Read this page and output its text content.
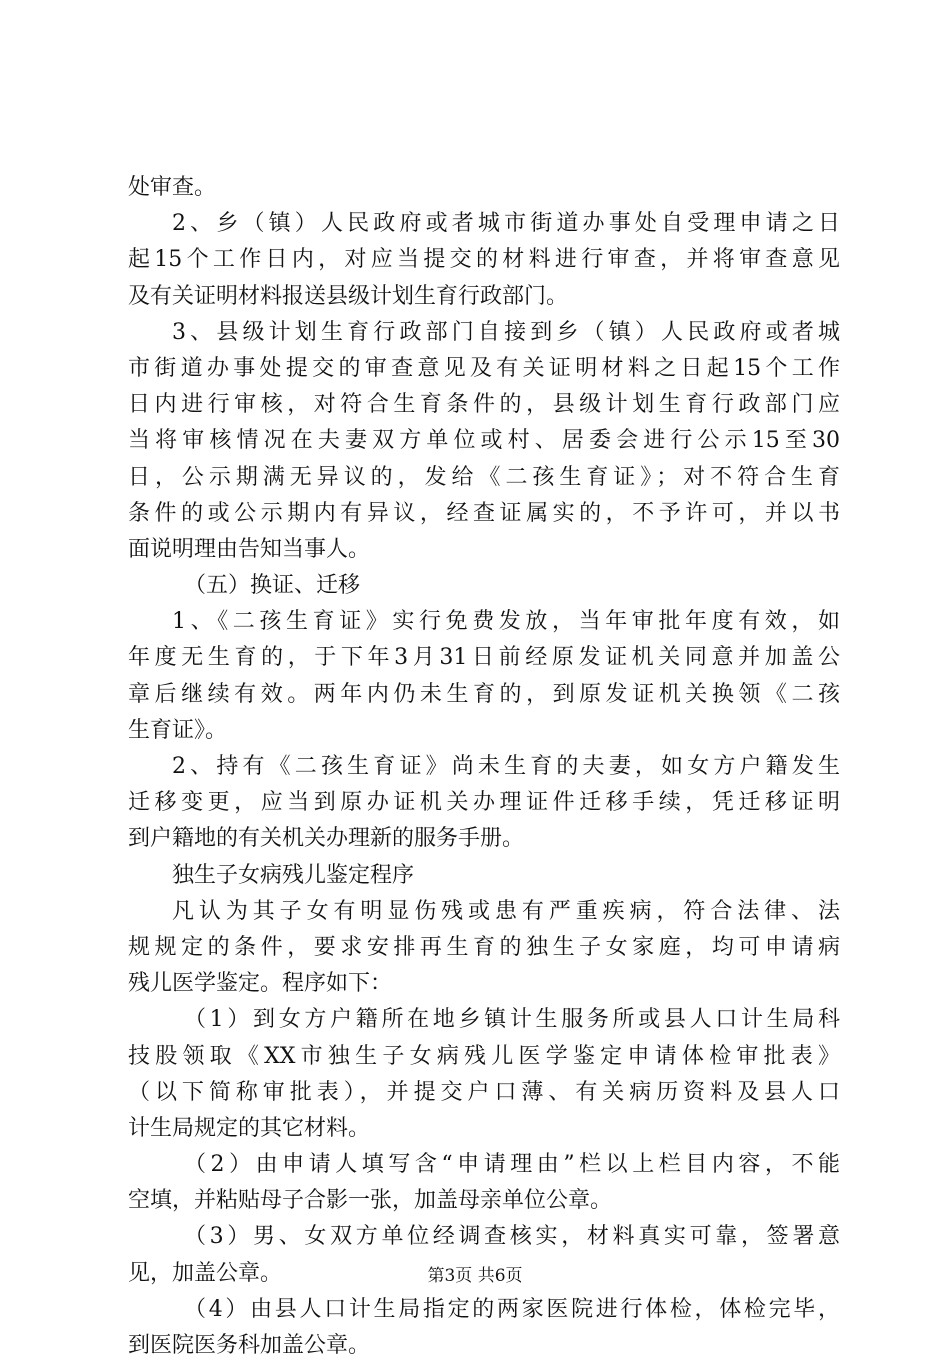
处审查。
2、乡（镇）人民政府或者城市街道办事处自受理申请之日
起15个工作日内，对应当提交的材料进行审查，并将审查意见
及有关证明材料报送县级计划生育行政部门。
3、县级计划生育行政部门自接到乡（镇）人民政府或者城
市街道办事处提交的审查意见及有关证明材料之日起15个工作
日内进行审核，对符合生育条件的，县级计划生育行政部门应
当将审核情况在夫妻双方单位或村、居委会进行公示15至30
日，公示期满无异议的，发给《二孩生育证》；对不符合生育
条件的或公示期内有异议，经查证属实的，不予许可，并以书
面说明理由告知当事人。
（五）换证、迁移
1、《二孩生育证》实行免费发放，当年审批年度有效，如
年度无生育的，于下年3月31日前经原发证机关同意并加盖公
章后继续有效。两年内仍未生育的，到原发证机关换领《二孩
生育证》。
2、持有《二孩生育证》尚未生育的夫妻，如女方户籍发生
迁移变更，应当到原办证机关办理证件迁移手续，凭迁移证明
到户籍地的有关机关办理新的服务手册。
独生子女病残儿鉴定程序
凡认为其子女有明显伤残或患有严重疾病，符合法律、法
规规定的条件，要求安排再生育的独生子女家庭，均可申请病
残儿医学鉴定。程序如下：
（1）到女方户籍所在地乡镇计生服务所或县人口计生局科
技股领取《XX市独生子女病残儿医学鉴定申请体检审批表》
（以下简称审批表），并提交户口薄、有关病历资料及县人口
计生局规定的其它材料。
（2）由申请人填写含“申请理由”栏以上栏目内容，不能
空填，并粘贴母子合影一张，加盖母亲单位公章。
（3）男、女双方单位经调查核实，材料真实可靠，签署意
见，加盖公章。
（4）由县人口计生局指定的两家医院进行体检，体检完毕，
到医院医务科加盖公章。
第3页 共6页
